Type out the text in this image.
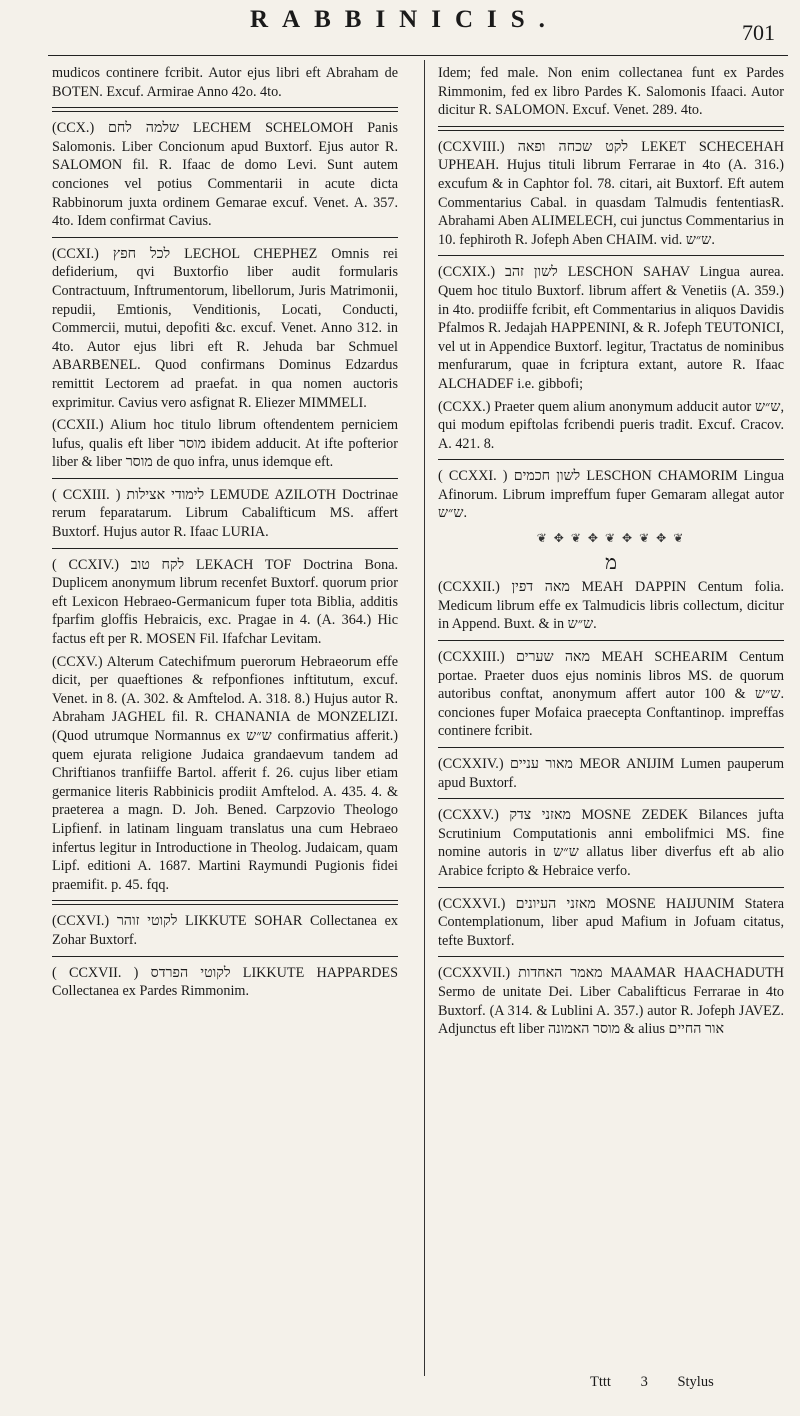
RABBINICIS.	701

mudicos continere fcribit. Autor ejus libri eft Abraham de BOTEN. Excuf. Armirae Anno 42o. 4to.

(CCX.) שלמה לחם LECHEM SCHELOMOH Panis Salomonis. Liber Concionum apud Buxtorf. Ejus autor R. SALOMON fil. R. Ifaac de domo Levi. Sunt autem conciones vel potius Commentarii in acute dicta Rabbinorum juxta ordinem Gemarae excuf. Venet. A. 357. 4to. Idem confirmat Cavius.

(CCXI.) לכל חפץ LECHOL CHEPHEZ Omnis rei defiderium, qvi Buxtorfio liber audit formularis Contractuum, Inftrumentorum, libellorum, Juris Matrimonii, repudii, Emtionis, Venditionis, Locati, Conducti, Commercii, mutui, depofiti &c. excuf. Venet. Anno 312. in 4to. Autor ejus libri eft R. Jehuda bar Schmuel ABARBENEL. Quod confirmans Dominus Edzardus remittit Lectorem ad praefat. in qua nomen auctoris exprimitur. Cavius vero asfignat R. Eliezer MIMMELI.

(CCXII.) Alium hoc titulo librum oftendentem perniciem lufus, qualis eft liber מוסר ibidem adducit. At ifte pofterior liber & liber מוסר de quo infra, unus idemque eft.

( CCXIII. ) לימודי אצילות LEMUDE AZILOTH Doctrinae rerum feparatarum. Librum Cabalifticum MS. affert Buxtorf. Hujus autor R. Ifaac LURIA.

( CCXIV.) לקח טוב LEKACH TOF Doctrina Bona. Duplicem anonymum librum recenfet Buxtorf. quorum prior eft Lexicon Hebraeo-Germanicum fuper tota Biblia, additis fparfim gloffis Hebraicis, exc. Pragae in 4. (A. 364.) Hic factus eft per R. MOSEN Fil. Ifafchar Levitam.

(CCXV.) Alterum Catechifmum puerorum Hebraeorum effe dicit, per quaeftiones & refponfiones inftitutum, excuf. Venet. in 8. (A. 302. & Amftelod. A. 318. 8.) Hujus autor R. Abraham JAGHEL fil. R. CHANANIA de MONZELIZI. (Quod utrumque Normannus ex ש״ש confirmatius afferit.) quem ejurata religione Judaica grandaevum tandem ad Chriftianos tranfiiffe Bartol. afferit f. 26. cujus liber etiam germanice literis Rabbinicis prodiit Amftelod. A. 435. 4. & praeterea a magn. D. Joh. Bened. Carpzovio Theologo Lipfienf. in latinam linguam translatus una cum Hebraeo infertus legitur in Introductione in Theolog. Judaicam, quam Lipf. editioni A. 1687. Martini Raymundi Pugionis fidei praemifit. p. 45. fqq.

(CCXVI.) לקוטי זוהר LIKKUTE SOHAR Collectanea ex Zohar Buxtorf.

( CCXVII. ) לקוטי הפרדס LIKKUTE HAPPARDES Collectanea ex Pardes Rimmonim.

Idem; fed male. Non enim collectanea funt ex Pardes Rimmonim, fed ex libro Pardes K. Salomonis Ifaaci. Autor dicitur R. SALOMON. Excuf. Venet. 289. 4to.

(CCXVIII.) לקט שכחה ופאה LEKET SCHECEHAH UPHEAH. Hujus tituli librum Ferrarae in 4to (A. 316.) excufum & in Caphtor fol. 78. citari, ait Buxtorf. Eft autem Commentarius Cabal. in quasdam Talmudis fententiasR. Abrahami Aben ALIMELECH, cui junctus Commentarius in 10. fephiroth R. Jofeph Aben CHAIM. vid. ש״ש.

(CCXIX.) לשון זהב LESCHON SAHAV Lingua aurea. Quem hoc titulo Buxtorf. librum affert & Venetiis (A. 359.) in 4to. prodiiffe fcribit, eft Commentarius in aliquos Davidis Pfalmos R. Jedajah HAPPENINI, & R. Jofeph TEUTONICI, vel ut in Appendice Buxtorf. legitur, Tractatus de nominibus menfurarum, quae in fcriptura extant, autore R. Ifaac ALCHADEF i.e. gibbofi;

(CCXX.) Praeter quem alium anonymum adducit autor ש״ש, qui modum epiftolas fcribendi pueris tradit. Excuf. Cracov. A. 421. 8.

( CCXXI. ) לשון חכמים LESCHON CHAMORIM Lingua Afinorum. Librum impreffum fuper Gemaram allegat autor ש״ש.

❦ ✥ ❦ ✥ ❦ ✥ ❦ ✥ ❦
מ

(CCXXII.) מאה דפין MEAH DAPPIN Centum folia. Medicum librum effe ex Talmudicis libris collectum, dicitur in Append. Buxt. & in ש״ש.

(CCXXIII.) מאה שערים MEAH SCHEARIM Centum portae. Praeter duos ejus nominis libros MS. de quorum autoribus conftat, anonymum affert autor ש״ש & 100. conciones fuper Mofaica praecepta Conftantinop. impreffas continere fcribit.

(CCXXIV.) מאור עניים MEOR ANIJIM Lumen pauperum apud Buxtorf.

(CCXXV.) מאזני צדק MOSNE ZEDEK Bilances jufta Scrutinium Computationis anni embolifmici MS. fine nomine autoris in ש״ש allatus liber diverfus eft ab alio Arabice fcripto & Hebraice verfo.

(CCXXVI.) מאזני העיונים MOSNE HAIJUNIM Statera Contemplationum, liber apud Mafium in Jofuam citatus, tefte Buxtorf.

(CCXXVII.) מאמר האחדות MAAMAR HAACHADUTH Sermo de unitate Dei. Liber Cabalifticus Ferrarae in 4to Buxtorf. (A 314. & Lublini A. 357.) autor R. Jofeph JAVEZ. Adjunctus eft liber מוסר האמונה & alius אור החיים

Tttt 3 Stylus
